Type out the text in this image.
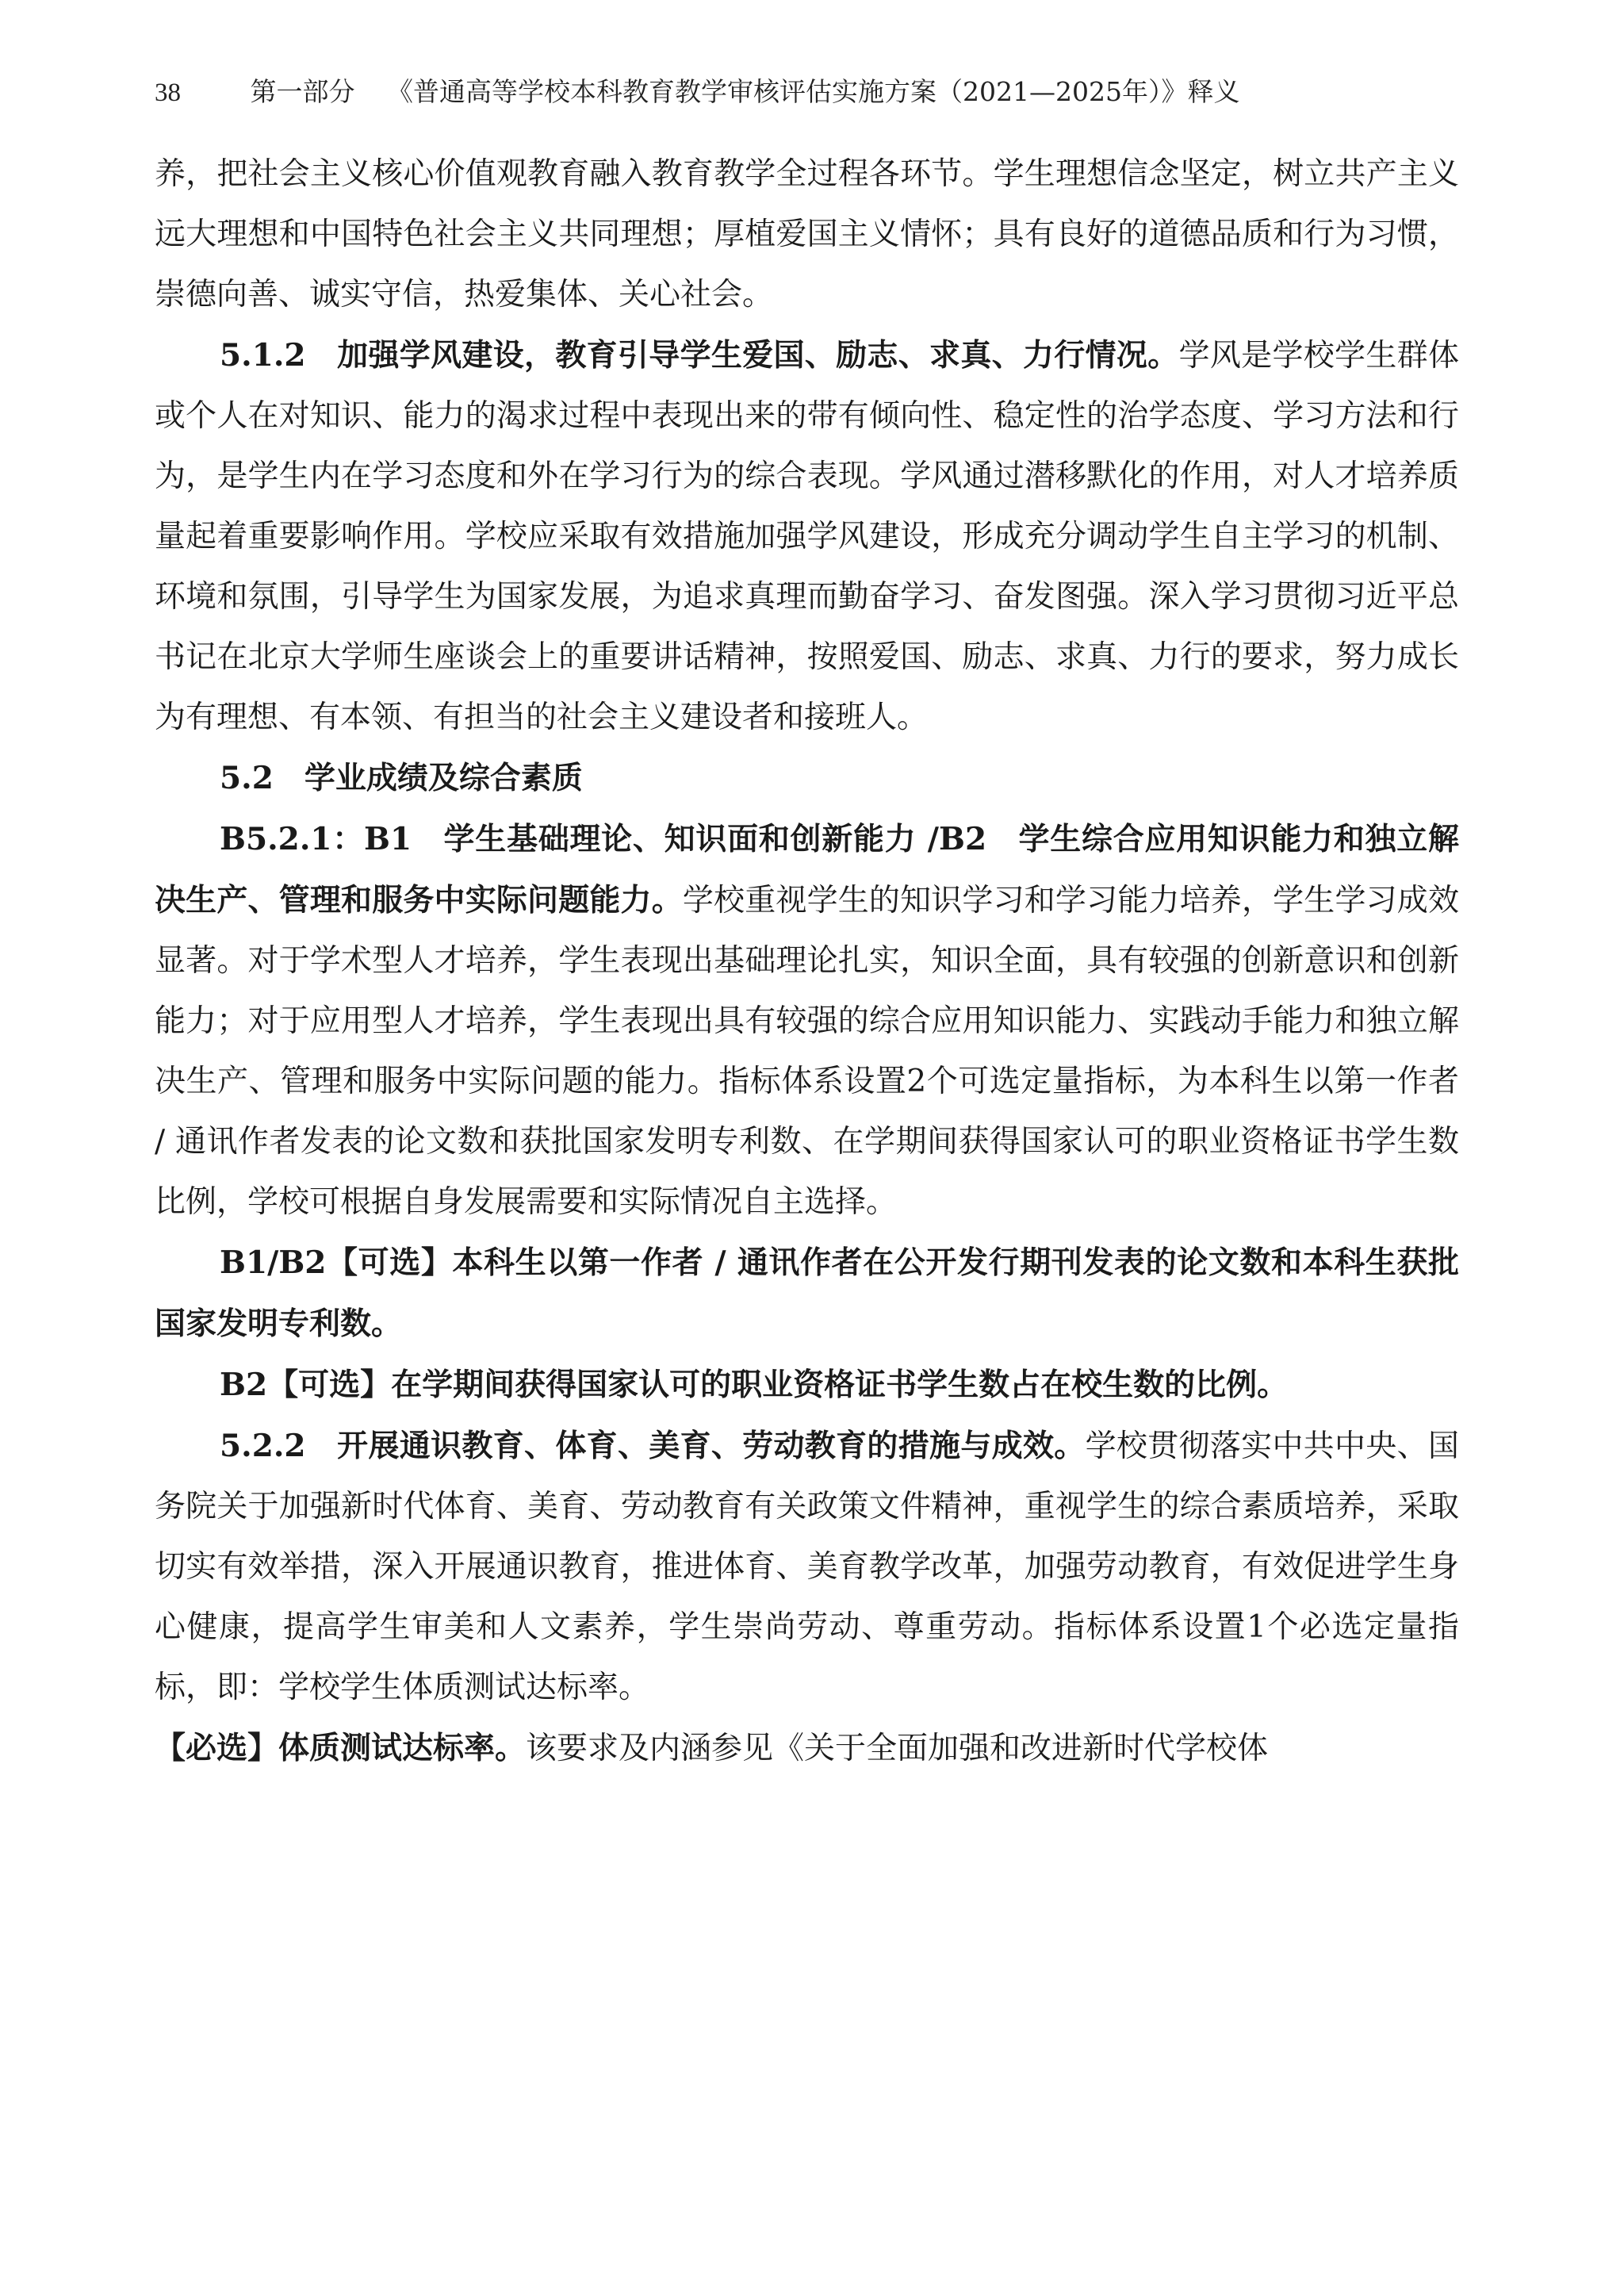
38	第一部分 《普通高等学校本科教育教学审核评估实施方案（2021—2025年）》释义

养，把社会主义核心价值观教育融入教育教学全过程各环节。学生理想信念坚定，树立共产主义远大理想和中国特色社会主义共同理想；厚植爱国主义情怀；具有良好的道德品质和行为习惯，崇德向善、诚实守信，热爱集体、关心社会。

5.1.2　加强学风建设，教育引导学生爱国、励志、求真、力行情况。学风是学校学生群体或个人在对知识、能力的渴求过程中表现出来的带有倾向性、稳定性的治学态度、学习方法和行为，是学生内在学习态度和外在学习行为的综合表现。学风通过潜移默化的作用，对人才培养质量起着重要影响作用。学校应采取有效措施加强学风建设，形成充分调动学生自主学习的机制、环境和氛围，引导学生为国家发展，为追求真理而勤奋学习、奋发图强。深入学习贯彻习近平总书记在北京大学师生座谈会上的重要讲话精神，按照爱国、励志、求真、力行的要求，努力成长为有理想、有本领、有担当的社会主义建设者和接班人。

5.2　学业成绩及综合素质

B5.2.1：B1　学生基础理论、知识面和创新能力 /B2　学生综合应用知识能力和独立解决生产、管理和服务中实际问题能力。学校重视学生的知识学习和学习能力培养，学生学习成效显著。对于学术型人才培养，学生表现出基础理论扎实，知识全面，具有较强的创新意识和创新能力；对于应用型人才培养，学生表现出具有较强的综合应用知识能力、实践动手能力和独立解决生产、管理和服务中实际问题的能力。指标体系设置2个可选定量指标，为本科生以第一作者 / 通讯作者发表的论文数和获批国家发明专利数、在学期间获得国家认可的职业资格证书学生数比例，学校可根据自身发展需要和实际情况自主选择。

B1/B2【可选】本科生以第一作者 / 通讯作者在公开发行期刊发表的论文数和本科生获批国家发明专利数。

B2【可选】在学期间获得国家认可的职业资格证书学生数占在校生数的比例。

5.2.2　开展通识教育、体育、美育、劳动教育的措施与成效。学校贯彻落实中共中央、国务院关于加强新时代体育、美育、劳动教育有关政策文件精神，重视学生的综合素质培养，采取切实有效举措，深入开展通识教育，推进体育、美育教学改革，加强劳动教育，有效促进学生身心健康，提高学生审美和人文素养，学生崇尚劳动、尊重劳动。指标体系设置1个必选定量指标，即：学校学生体质测试达标率。

【必选】体质测试达标率。该要求及内涵参见《关于全面加强和改进新时代学校体
